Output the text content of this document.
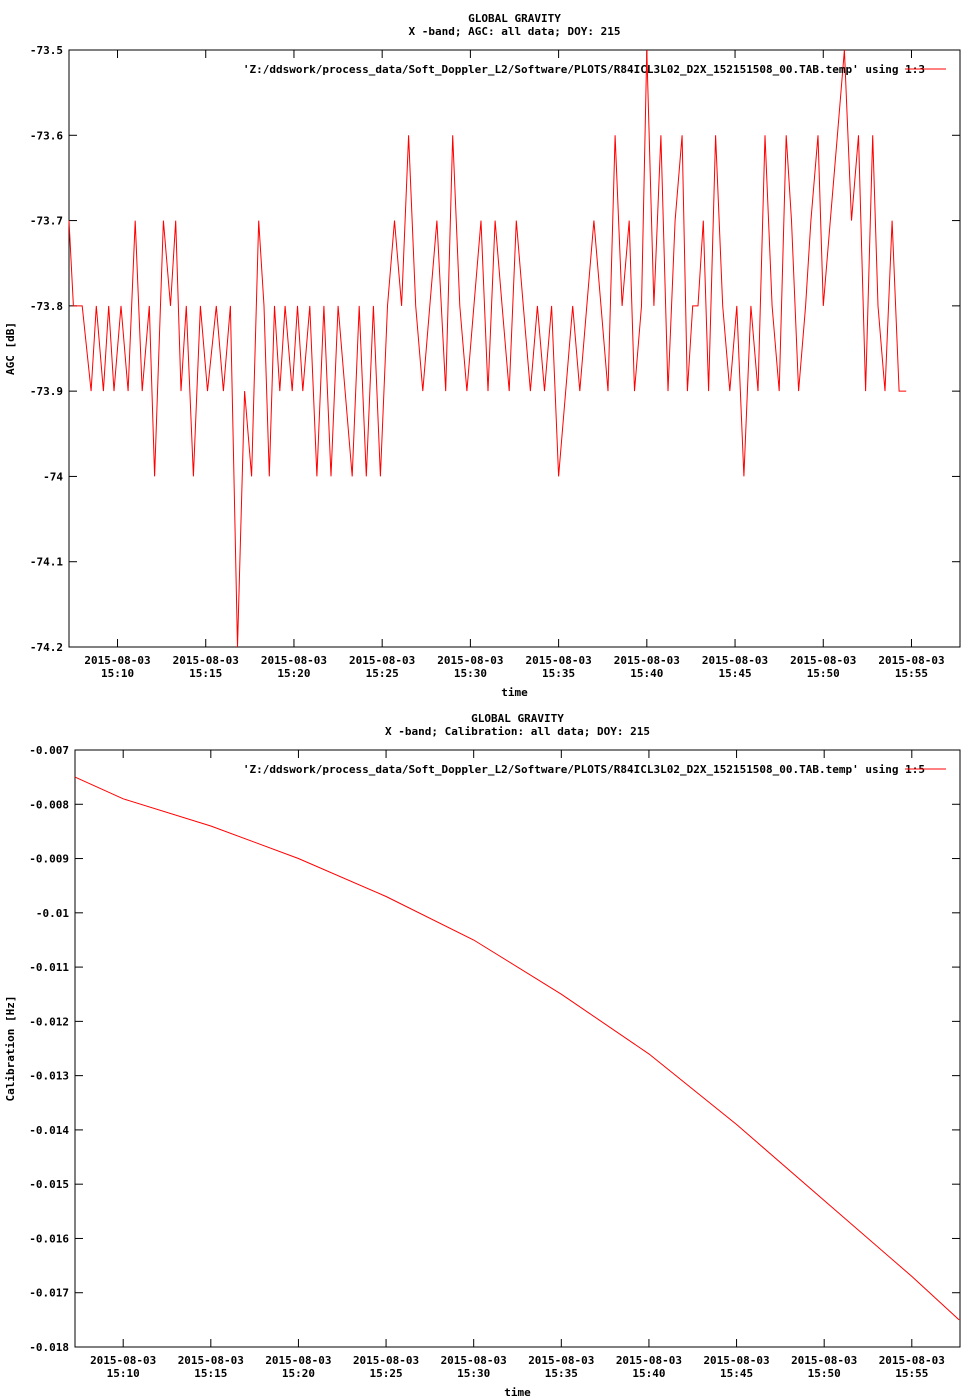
GLOBAL GRAVITY
X -band; AGC: all data; DOY: 215
-73.5
-73.6
-73.7
-73.8
-73.9
-74
-74.1
-74.2
2015-08-03
15:10
2015-08-03
15:15
2015-08-03
15:20
2015-08-03
15:25
2015-08-03
15:30
2015-08-03
15:35
2015-08-03
15:40
2015-08-03
15:45
2015-08-03
15:50
2015-08-03
15:55
time
AGC [dB]
'Z:/ddswork/process_data/Soft_Doppler_L2/Software/PLOTS/R84ICL3L02_D2X_152151508_00.TAB.temp' using 1:3
GLOBAL GRAVITY
X -band; Calibration: all data; DOY: 215
-0.007
-0.008
-0.009
-0.01
-0.011
-0.012
-0.013
-0.014
-0.015
-0.016
-0.017
-0.018
2015-08-03
15:10
2015-08-03
15:15
2015-08-03
15:20
2015-08-03
15:25
2015-08-03
15:30
2015-08-03
15:35
2015-08-03
15:40
2015-08-03
15:45
2015-08-03
15:50
2015-08-03
15:55
time
Calibration [Hz]
'Z:/ddswork/process_data/Soft_Doppler_L2/Software/PLOTS/R84ICL3L02_D2X_152151508_00.TAB.temp' using 1:5
